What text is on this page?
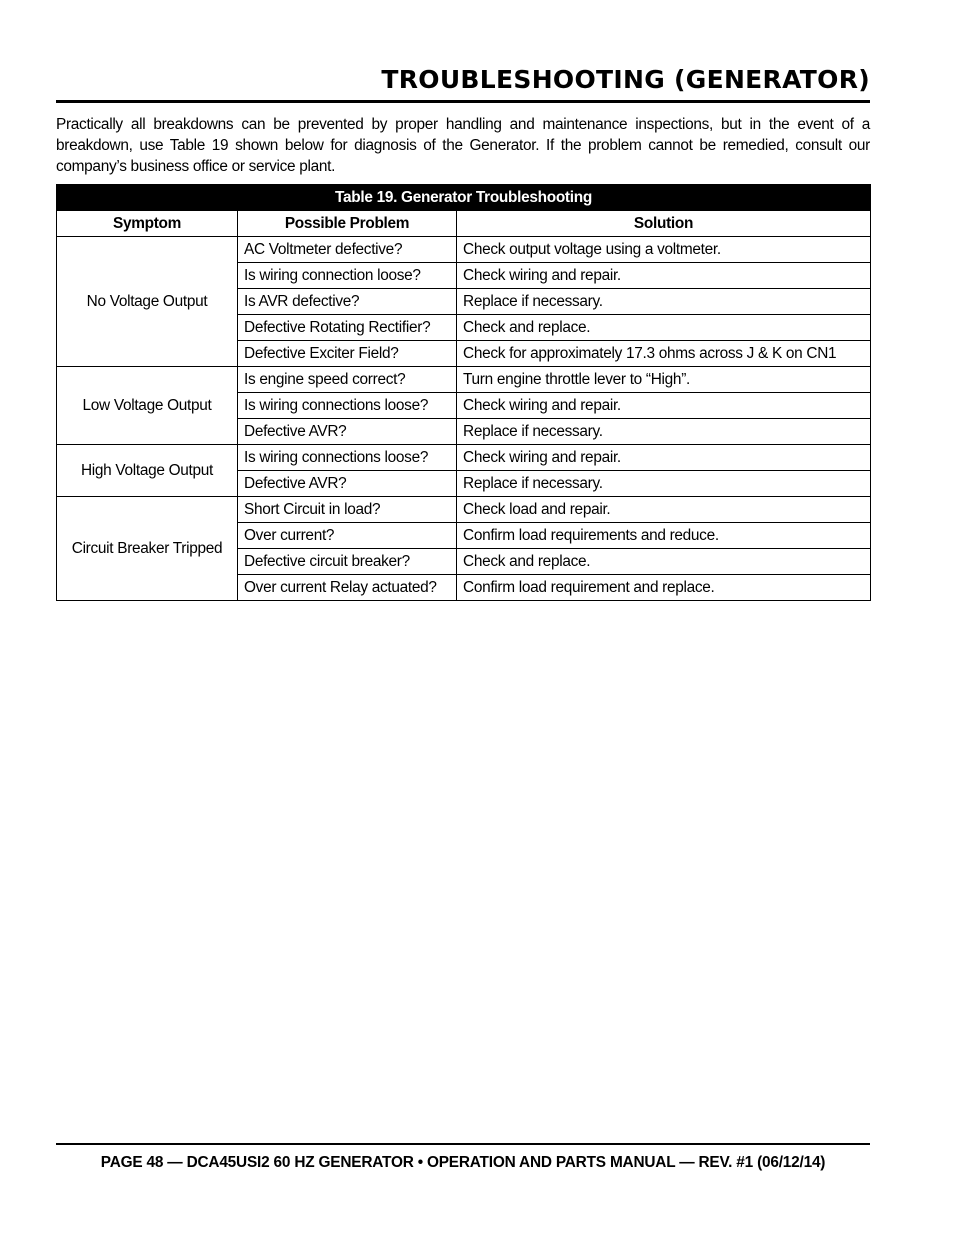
TROUBLESHOOTING (GENERATOR)

Practically all breakdowns can be prevented by proper handling and maintenance inspections, but in the event of a breakdown, use Table 19 shown below for diagnosis of the Generator. If the problem cannot be remedied, consult our company’s business office or service plant.

Table 19. Generator Troubleshooting		
Symptom	Possible Problem	Solution
No Voltage Output	AC Voltmeter defective?	Check output voltage using a voltmeter.
	Is wiring connection loose?	Check wiring and repair.
	Is AVR defective?	Replace if necessary.
	Defective Rotating Rectifier?	Check and replace.
	Defective Exciter Field?	Check for approximately 17.3 ohms across J & K on CN1
Low Voltage Output	Is engine speed correct?	Turn engine throttle lever to “High”.
	Is wiring connections loose?	Check wiring and repair.
	Defective AVR?	Replace if necessary.
High Voltage Output	Is wiring connections loose?	Check wiring and repair.
	Defective AVR?	Replace if necessary.
Circuit Breaker Tripped	Short Circuit in load?	Check load and repair.
	Over current?	Confirm load requirements and reduce.
	Defective circuit breaker?	Check and replace.
	Over current Relay actuated?	Confirm load requirement and replace.
PAGE 48 — DCA45USI2 60 HZ GENERATOR • OPERATION AND PARTS MANUAL — REV. #1 (06/12/14)
